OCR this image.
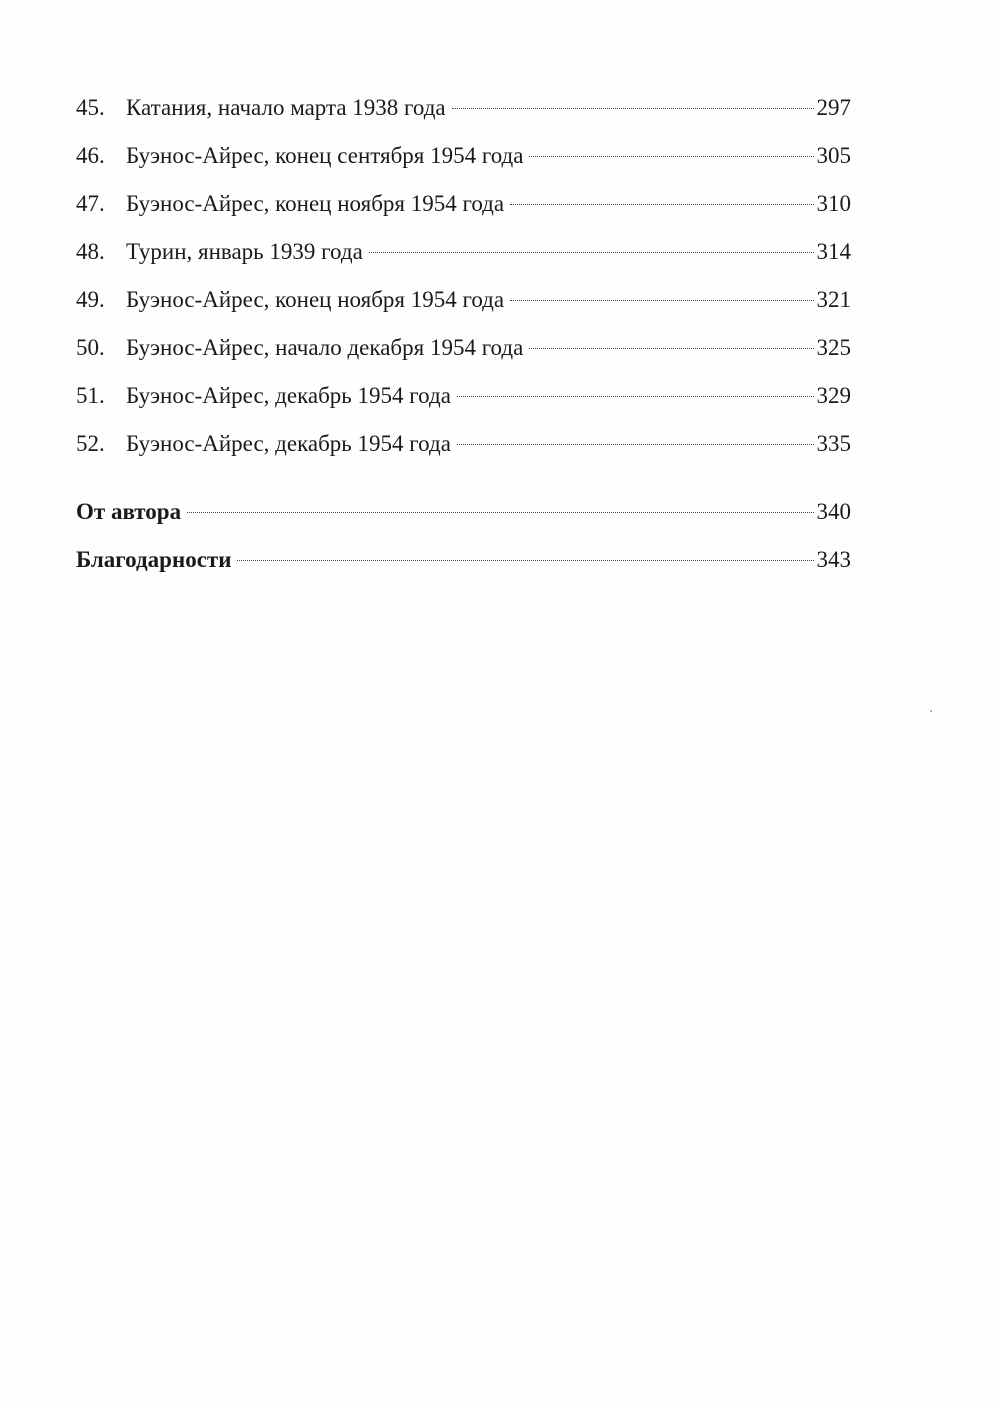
45. Катания, начало марта 1938 года	297
46. Буэнос-Айрес, конец сентября 1954 года	305
47. Буэнос-Айрес, конец ноября 1954 года	310
48. Турин, январь 1939 года	314
49. Буэнос-Айрес, конец ноября 1954 года	321
50. Буэнос-Айрес, начало декабря 1954 года	325
51. Буэнос-Айрес, декабрь 1954 года	329
52. Буэнос-Айрес, декабрь 1954 года	335
От автора	340
Благодарности	343
